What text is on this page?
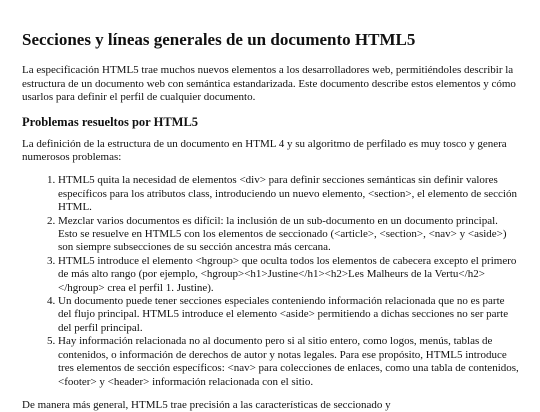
Secciones y líneas generales de un documento HTML5

La especificación HTML5 trae muchos nuevos elementos a los desarrolladores web, permitiéndoles describir la estructura de un documento web con semántica estandarizada. Este documento describe estos elementos y cómo usarlos para definir el perfil de cualquier documento.

Problemas resueltos por HTML5

La definición de la estructura de un documento en HTML 4 y su algoritmo de perfilado es muy tosco y genera numerosos problemas:

1. HTML5 quita la necesidad de elementos <div> para definir secciones semánticas sin definir valores específicos para los atributos class, introduciendo un nuevo elemento, <section>, el elemento de sección HTML.
2. Mezclar varios documentos es difícil: la inclusión de un sub-documento en un documento principal. Esto se resuelve en HTML5 con los elementos de seccionado (<article>, <section>, <nav> y <aside>) son siempre subsecciones de su sección ancestra más cercana.
3. HTML5 introduce el elemento <hgroup> que oculta todos los elementos de cabecera excepto el primero de más alto rango (por ejemplo, <hgroup><h1>Justine</h1><h2>Les Malheurs de la Vertu</h2></hgroup> crea el perfil 1. Justine).
4. Un documento puede tener secciones especiales conteniendo información relacionada que no es parte del flujo principal. HTML5 introduce el elemento <aside> permitiendo a dichas secciones no ser parte del perfil principal.
5. Hay información relacionada no al documento pero si al sitio entero, como logos, menús, tablas de contenidos, o información de derechos de autor y notas legales. Para ese propósito, HTML5 introduce tres elementos de sección específicos: <nav> para colecciones de enlaces, como una tabla de contenidos, <footer> y <header> información relacionada con el sitio.

De manera más general, HTML5 trae precisión a las características de seccionado y
